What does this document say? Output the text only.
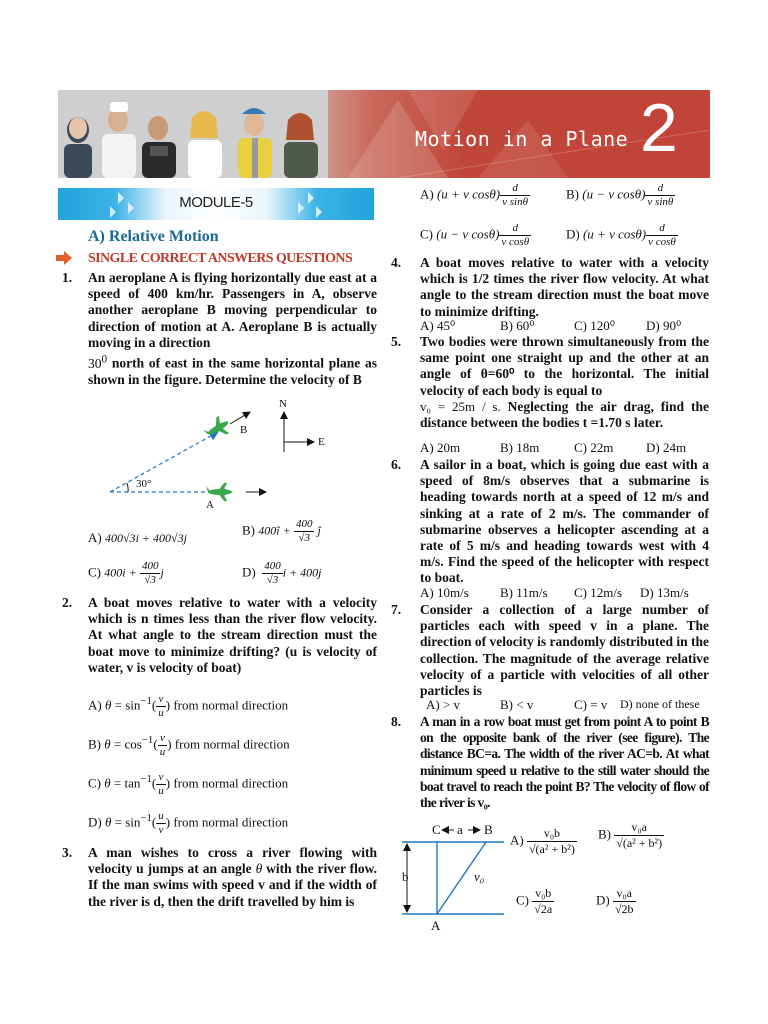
Motion in a Plane 2
MODULE-5
A) Relative Motion
SINGLE CORRECT ANSWERS QUESTIONS
1. An aeroplane A is flying horizontally due east at a speed of 400 km/hr. Passengers in A, observe another aeroplane B moving perpendicular to direction of motion at A. Aeroplane B is actually moving in a direction
$30^0$ north of east in the same horizontal plane as shown in the figure. Determine the velocity of B
N
E
B
A
30°
A) 400√3i + 400√3j
B) 400î + $\frac{400}{√3}$ ĵ
C) $400i + \frac{400}{√3}$ j	$D) \frac{400}{√3}$ i + 400j
2. A boat moves relative to water with a velocity which is n times less than the river flow velocity. At what angle to the stream direction must the boat move to minimize drifting? (u is velocity of water, v is velocity of boat)
A) $\theta = \sin^{-1}( \frac{v}{u}$ ) from normal direction
B) $\theta = \cos^{-1}( \frac{v}{u}$ ) from normal direction
C) $\theta = \tan^{-1}( \frac{v}{u}$ ) from normal direction
D) $\theta = \sin^{-1}( \frac{u}{v}$ ) from normal direction
3. A man wishes to cross a river flowing with velocity u jumps at an angle θ with the river flow. If the man swims with speed v and if the width of the river is d, then the drift travelled by him is
A) (u + v $\cos\theta) \frac{d}{\text{v sinθ}}$	B) (u − v $\cos\theta) \frac{d}{\text{v sinθ}}$
C) (u − v $\cos\theta) \frac{d}{\text{v cosθ}}$	D) (u + v $\cos\theta) \frac{d}{\text{v cosθ}}$
4. A boat moves relative to water with a velocity which is 1/2 times the river flow velocity. At what angle to the stream direction must the boat move to minimize drifting.
A) 45⁰	B) 60⁰	C) 120⁰ D) 90⁰
5. Two bodies were thrown simultaneously from the same point one straight up and the other at an angle of θ=60⁰ to the horizontal. The initial velocity of each body is equal to
v₀ = 25m / s. Neglecting the air drag, find the distance between the bodies t =1.70 s later.
A) 20m	B) 18m	C) 22m	D) 24m
6. A sailor in a boat, which is going due east with a speed of 8m/s observes that a submarine is heading towards north at a speed of 12 m/s and sinking at a rate of 2 m/s. The commander of submarine observes a helicopter ascending at a rate of 5 m/s and heading towards west with 4 m/s. Find the speed of the helicopter with respect to boat.
A) 10m/s B) 11m/s C) 12m/s D) 13m/s
7. Consider a collection of a large number of particles each with speed v in a plane. The direction of velocity is randomly distributed in the collection. The magnitude of the average relative velocity of a particle with velocities of all other particles is
A) > v	B) < v	C) = v D) none of these
8. A man in a row boat must get from point A to point B on the opposite bank of the river (see figure). The distance BC=a. The width of the river AC=b. At what minimum speed u relative to the still water should the boat travel to reach the point B? The velocity of flow of the river is v₀.
C a B
b
A
v₀
$A) \frac{\text{v₀b}}{\text{√(a² + b²)}} B) \frac{\text{v₀a}}{\text{√(a² + b²)}}$
$C) \frac{\text{v₀b}}{√2a}$	$D) \frac{\text{v₀a}}{√2b}$
